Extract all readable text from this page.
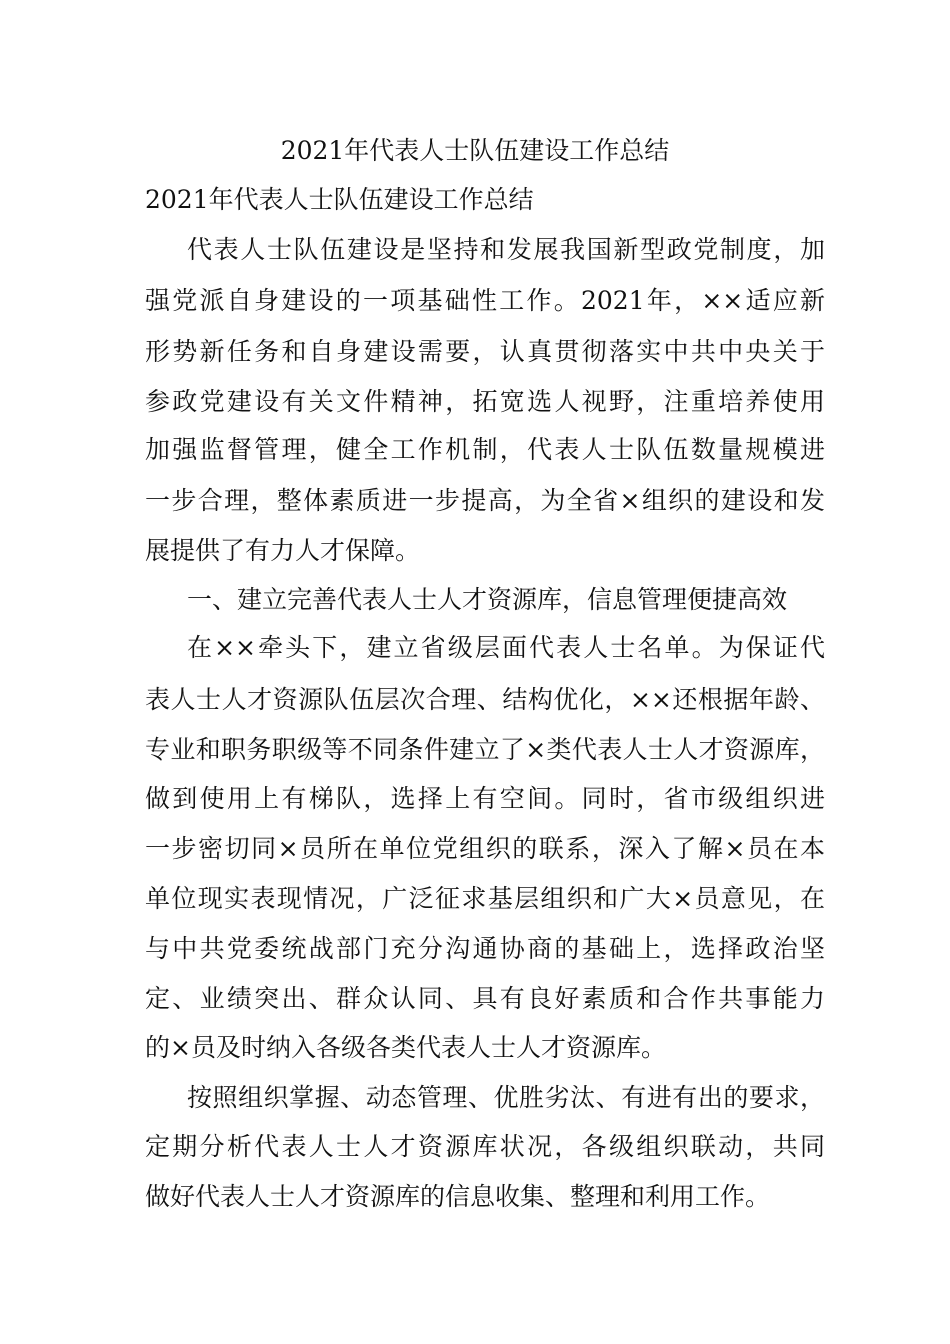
2021年代表人士队伍建设工作总结
2021年代表人士队伍建设工作总结
代表人士队伍建设是坚持和发展我国新型政党制度，加
强党派自身建设的一项基础性工作。2021年，××适应新
形势新任务和自身建设需要，认真贯彻落实中共中央关于
参政党建设有关文件精神，拓宽选人视野，注重培养使用
加强监督管理，健全工作机制，代表人士队伍数量规模进
一步合理，整体素质进一步提高，为全省×组织的建设和发
展提供了有力人才保障。
一、建立完善代表人士人才资源库，信息管理便捷高效
在××牵头下，建立省级层面代表人士名单。为保证代
表人士人才资源队伍层次合理、结构优化，××还根据年龄、
专业和职务职级等不同条件建立了×类代表人士人才资源库，
做到使用上有梯队，选择上有空间。同时，省市级组织进
一步密切同×员所在单位党组织的联系，深入了解×员在本
单位现实表现情况，广泛征求基层组织和广大×员意见，在
与中共党委统战部门充分沟通协商的基础上，选择政治坚
定、业绩突出、群众认同、具有良好素质和合作共事能力
的×员及时纳入各级各类代表人士人才资源库。
按照组织掌握、动态管理、优胜劣汰、有进有出的要求，
定期分析代表人士人才资源库状况，各级组织联动，共同
做好代表人士人才资源库的信息收集、整理和利用工作。
